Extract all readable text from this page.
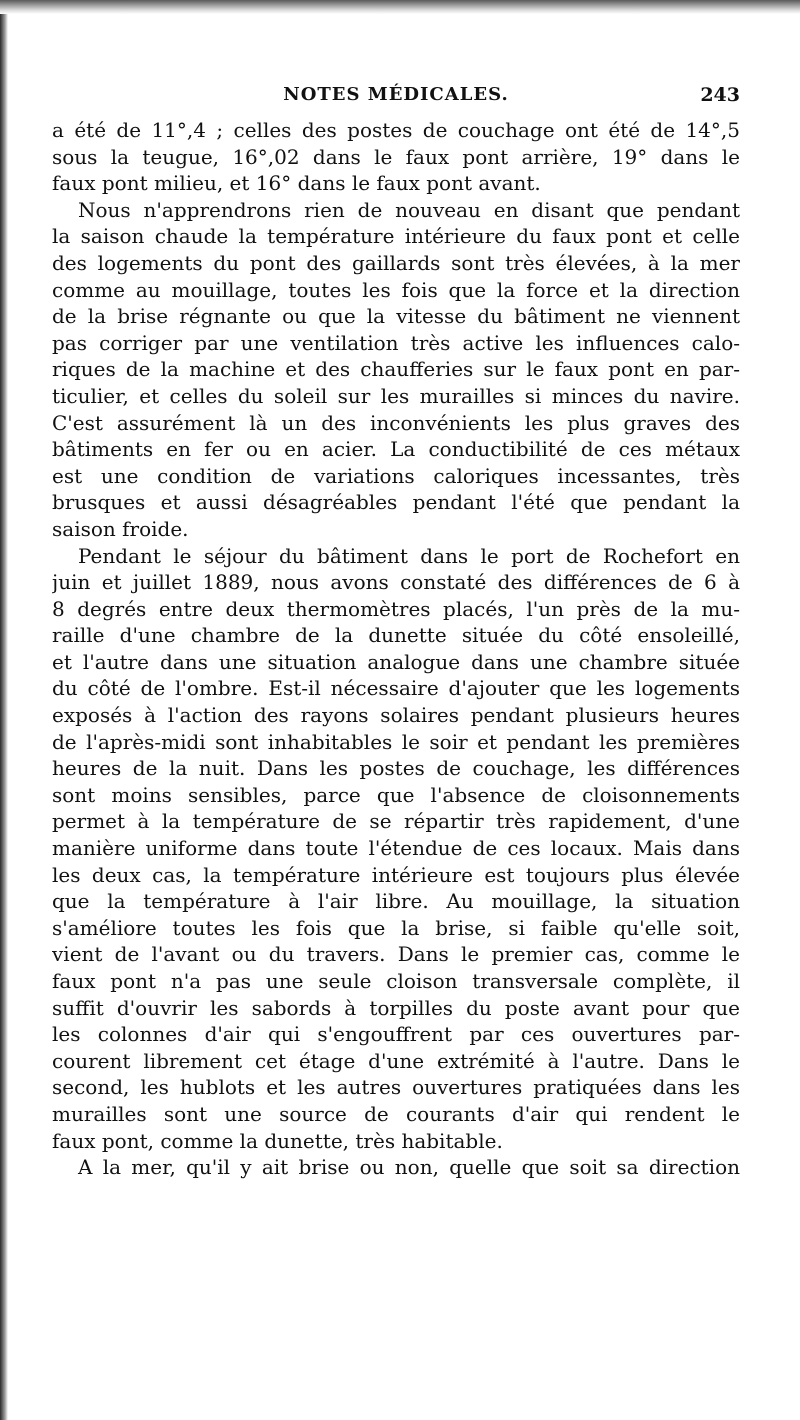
NOTES MÉDICALES.	243
a été de 11°,4 ; celles des postes de couchage ont été de 14°,5
sous la teugue, 16°,02 dans le faux pont arrière, 19° dans le
faux pont milieu, et 16° dans le faux pont avant.
Nous n'apprendrons rien de nouveau en disant que pendant
la saison chaude la température intérieure du faux pont et celle
des logements du pont des gaillards sont très élevées, à la mer
comme au mouillage, toutes les fois que la force et la direction
de la brise régnante ou que la vitesse du bâtiment ne viennent
pas corriger par une ventilation très active les influences calo-
riques de la machine et des chaufferies sur le faux pont en par-
ticulier, et celles du soleil sur les murailles si minces du navire.
C'est assurément là un des inconvénients les plus graves des
bâtiments en fer ou en acier. La conductibilité de ces métaux
est une condition de variations caloriques incessantes, très
brusques et aussi désagréables pendant l'été que pendant la
saison froide.
Pendant le séjour du bâtiment dans le port de Rochefort en
juin et juillet 1889, nous avons constaté des différences de 6 à
8 degrés entre deux thermomètres placés, l'un près de la mu-
raille d'une chambre de la dunette située du côté ensoleillé,
et l'autre dans une situation analogue dans une chambre située
du côté de l'ombre. Est-il nécessaire d'ajouter que les logements
exposés à l'action des rayons solaires pendant plusieurs heures
de l'après-midi sont inhabitables le soir et pendant les premières
heures de la nuit. Dans les postes de couchage, les différences
sont moins sensibles, parce que l'absence de cloisonnements
permet à la température de se répartir très rapidement, d'une
manière uniforme dans toute l'étendue de ces locaux. Mais dans
les deux cas, la température intérieure est toujours plus élevée
que la température à l'air libre. Au mouillage, la situation
s'améliore toutes les fois que la brise, si faible qu'elle soit,
vient de l'avant ou du travers. Dans le premier cas, comme le
faux pont n'a pas une seule cloison transversale complète, il
suffit d'ouvrir les sabords à torpilles du poste avant pour que
les colonnes d'air qui s'engouffrent par ces ouvertures par-
courent librement cet étage d'une extrémité à l'autre. Dans le
second, les hublots et les autres ouvertures pratiquées dans les
murailles sont une source de courants d'air qui rendent le
faux pont, comme la dunette, très habitable.
A la mer, qu'il y ait brise ou non, quelle que soit sa direction
